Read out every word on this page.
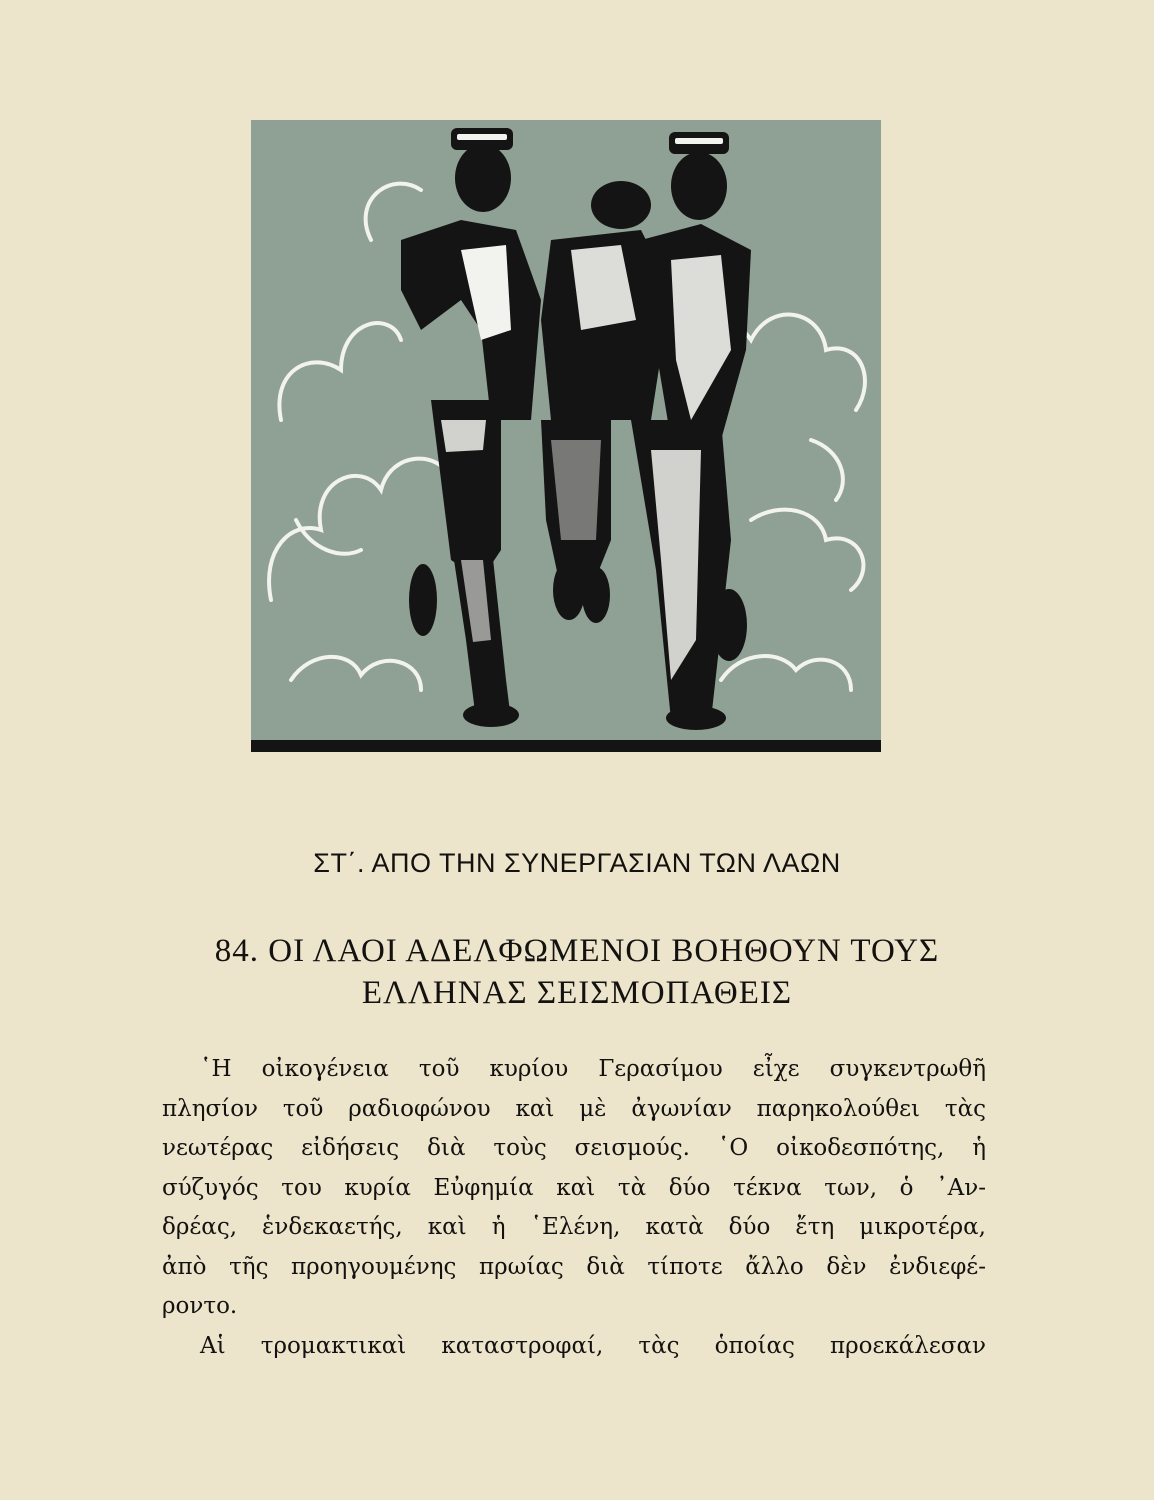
ΣΤ΄. ΑΠΟ ΤΗΝ ΣΥΝΕΡΓΑΣΙΑΝ ΤΩΝ ΛΑΩΝ
84. ΟΙ ΛΑΟΙ ΑΔΕΛΦΩΜΕΝΟΙ ΒΟΗΘΟΥΝ ΤΟΥΣ
ΕΛΛΗΝΑΣ ΣΕΙΣΜΟΠΑΘΕΙΣ
῾Η οἰκογένεια τοῦ κυρίου Γερασίμου εἶχε συγκεντρωθῆ
πλησίον τοῦ ραδιοφώνου καὶ μὲ ἀγωνίαν παρηκολούθει τὰς
νεωτέρας εἰδήσεις διὰ τοὺς σεισμούς. ῾Ο οἰκοδεσπότης, ἡ
σύζυγός του κυρία Εὐφημία καὶ τὰ δύο τέκνα των, ὁ ᾿Αν-
δρέας, ἑνδεκαετής, καὶ ἡ ῾Ελένη, κατὰ δύο ἔτη μικροτέρα,
ἀπὸ τῆς προηγουμένης πρωίας διὰ τίποτε ἄλλο δὲν ἐνδιεφέ-
ροντο.
Αἱ τρομακτικαὶ καταστροφαί, τὰς ὁποίας προεκάλεσαν
